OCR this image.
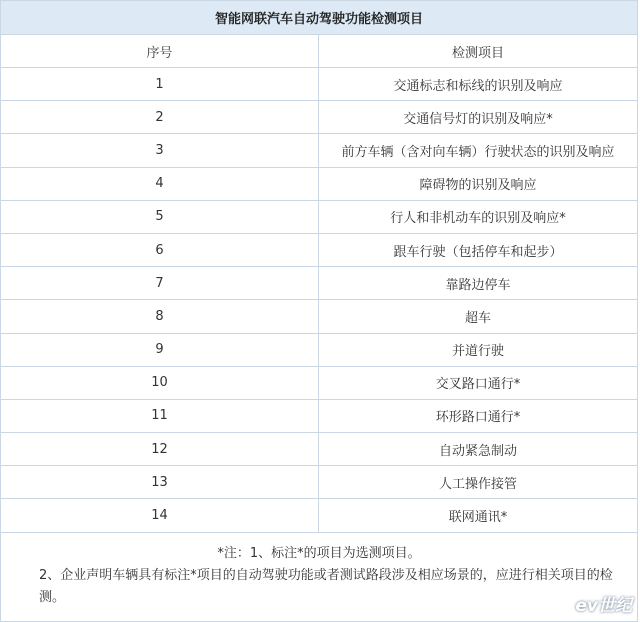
智能网联汽车自动驾驶功能检测项目	
序号	检测项目
1	交通标志和标线的识别及响应
2	交通信号灯的识别及响应*
3	前方车辆（含对向车辆）行驶状态的识别及响应
4	障碍物的识别及响应
5	行人和非机动车的识别及响应*
6	跟车行驶（包括停车和起步）
7	靠路边停车
8	超车
9	并道行驶
10	交叉路口通行*
11	环形路口通行*
12	自动紧急制动
13	人工操作接管
14	联网通讯*

*注：1、标注*的项目为选测项目。
2、企业声明车辆具有标注*项目的自动驾驶功能或者测试路段涉及相应场景的，应进行相关项目的检测。	
ev世纪
